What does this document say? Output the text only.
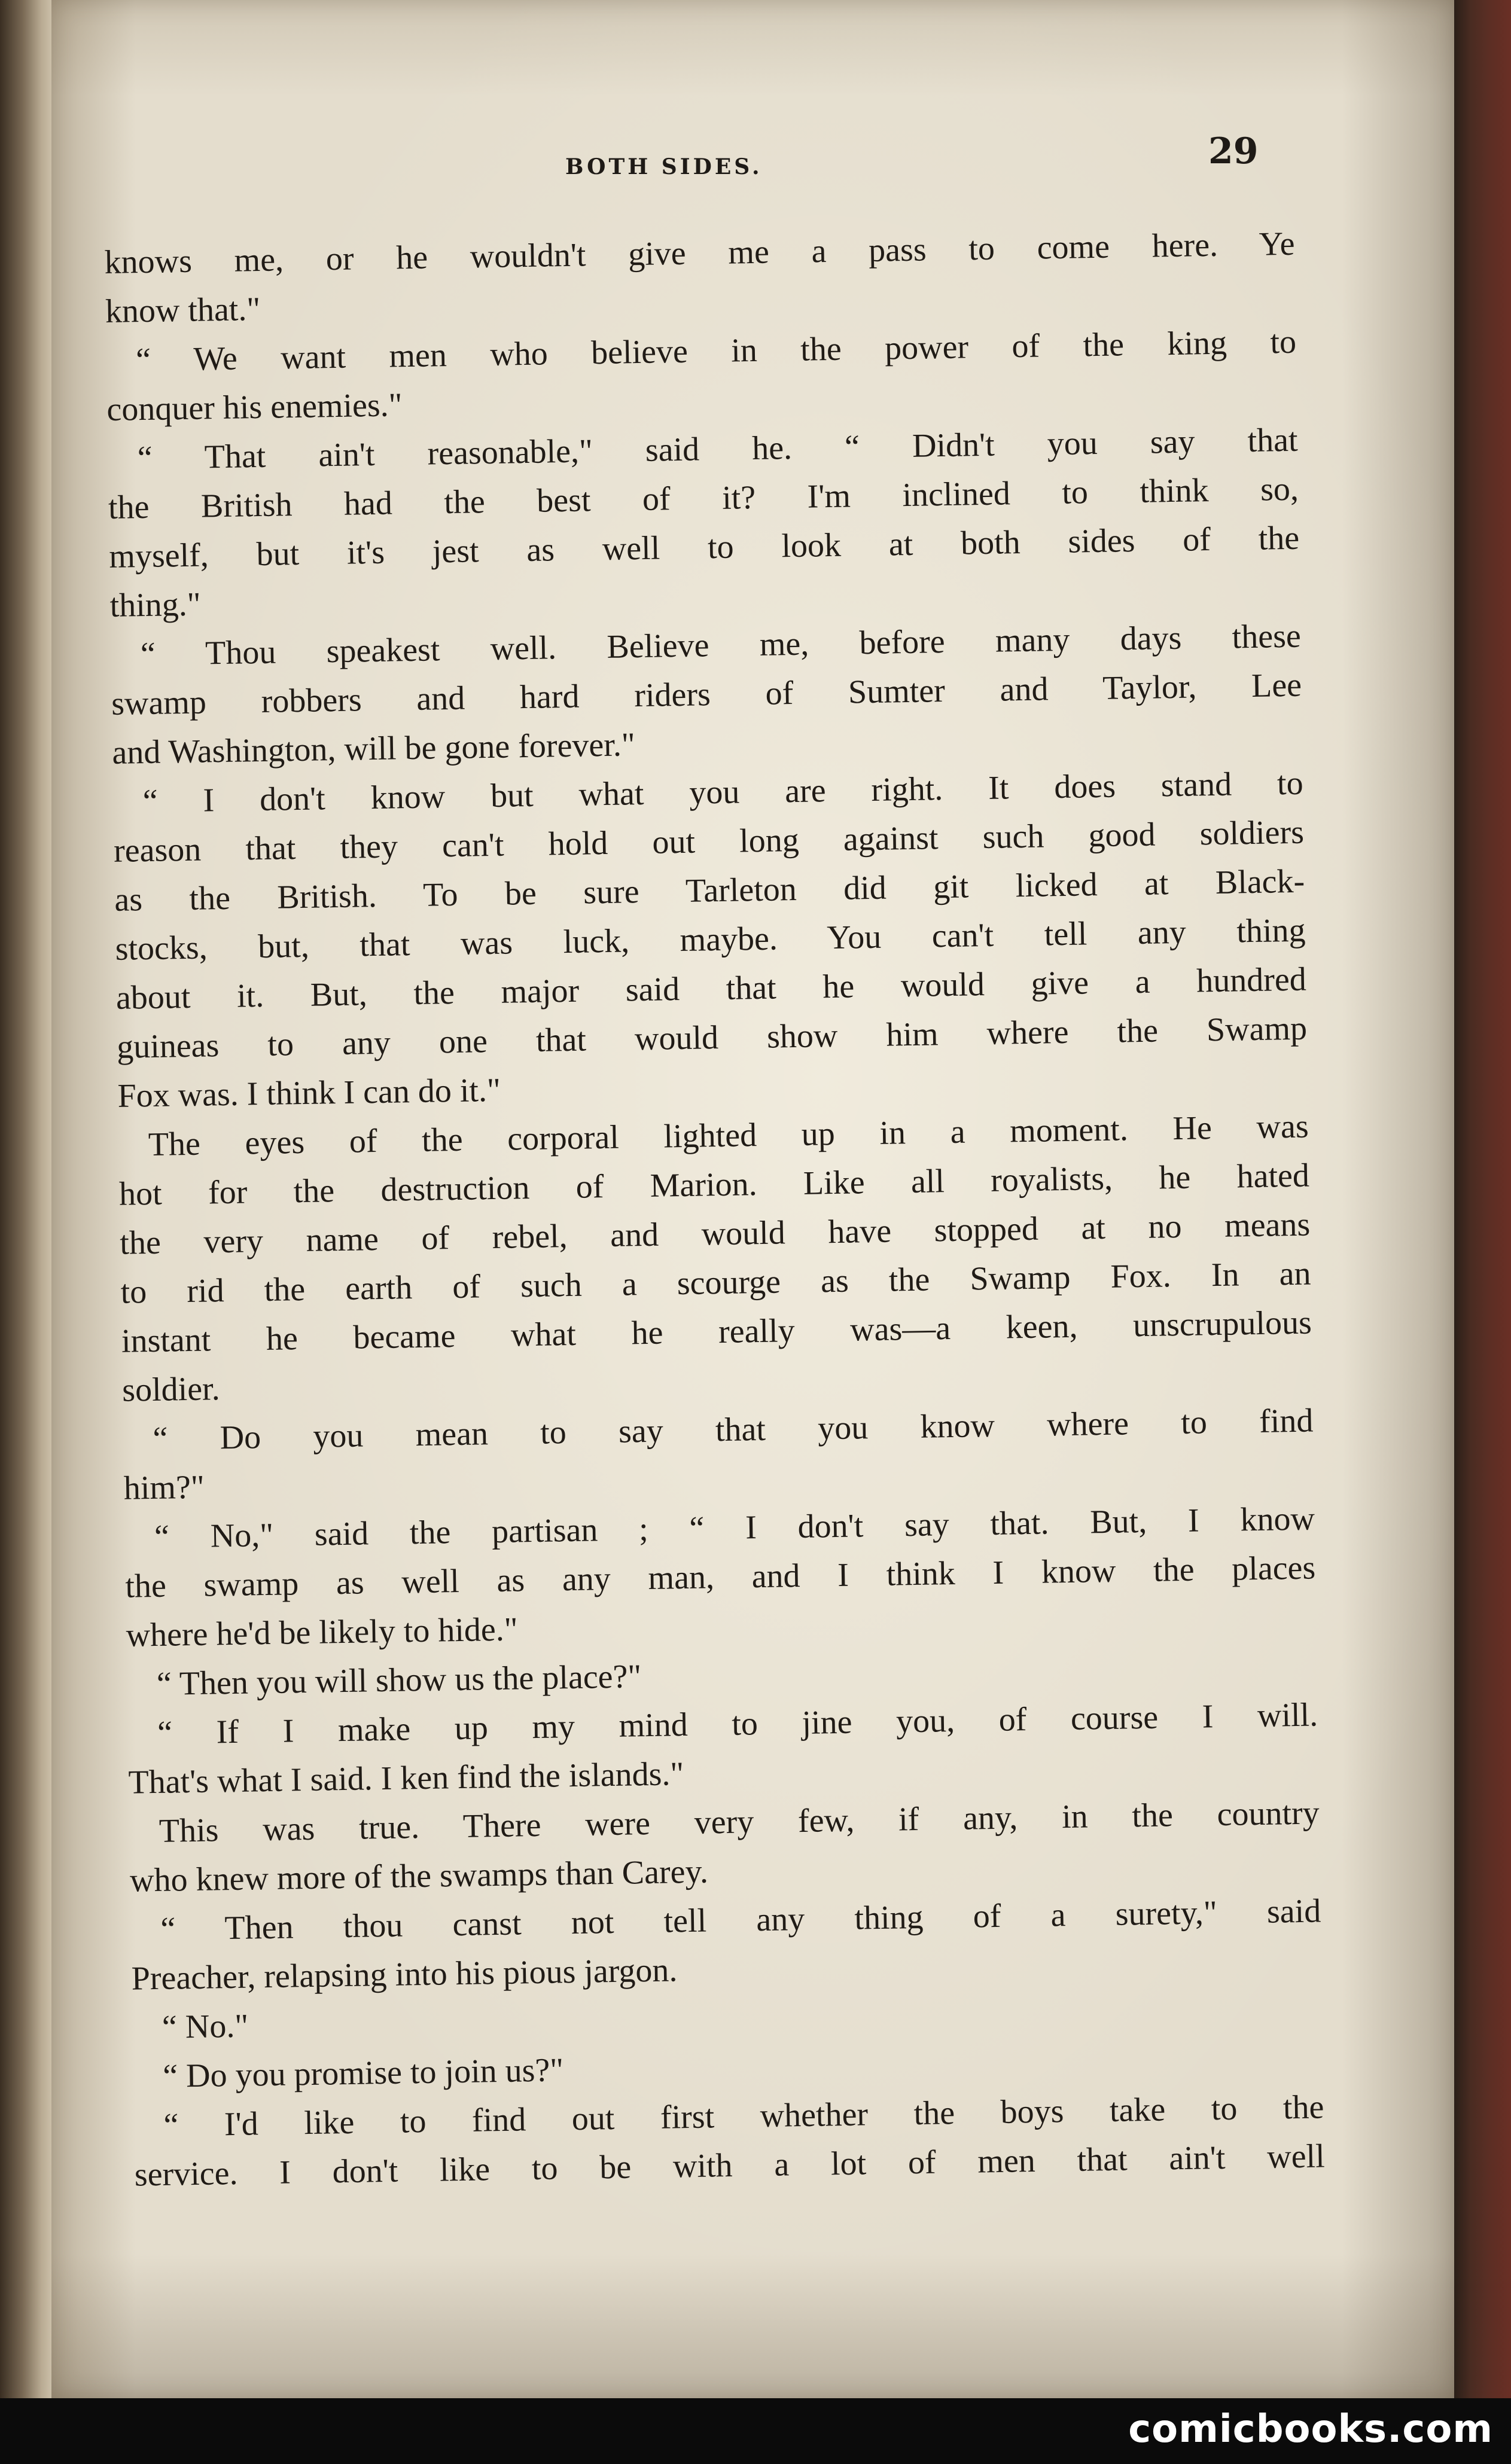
BOTH SIDES.	29
knows me, or he wouldn't give me a pass to come here. Ye
know that."
“ We want men who believe in the power of the king to
conquer his enemies."
“ That ain't reasonable," said he. “ Didn't you say that
the British had the best of it? I'm inclined to think so,
myself, but it's jest as well to look at both sides of the
thing."
“ Thou speakest well. Believe me, before many days these
swamp robbers and hard riders of Sumter and Taylor, Lee
and Washington, will be gone forever."
“ I don't know but what you are right. It does stand to
reason that they can't hold out long against such good soldiers
as the British. To be sure Tarleton did git licked at Black-
stocks, but, that was luck, maybe. You can't tell any thing
about it. But, the major said that he would give a hundred
guineas to any one that would show him where the Swamp
Fox was. I think I can do it."
The eyes of the corporal lighted up in a moment. He was
hot for the destruction of Marion. Like all royalists, he hated
the very name of rebel, and would have stopped at no means
to rid the earth of such a scourge as the Swamp Fox. In an
instant he became what he really was—a keen, unscrupulous
soldier.
“ Do you mean to say that you know where to find
him?"
“ No," said the partisan ; “ I don't say that. But, I know
the swamp as well as any man, and I think I know the places
where he'd be likely to hide."
“ Then you will show us the place?"
“ If I make up my mind to jine you, of course I will.
That's what I said. I ken find the islands."
This was true. There were very few, if any, in the country
who knew more of the swamps than Carey.
“ Then thou canst not tell any thing of a surety," said
Preacher, relapsing into his pious jargon.
“ No."
“ Do you promise to join us?"
“ I'd like to find out first whether the boys take to the
service. I don't like to be with a lot of men that ain't well
comicbooks.com
